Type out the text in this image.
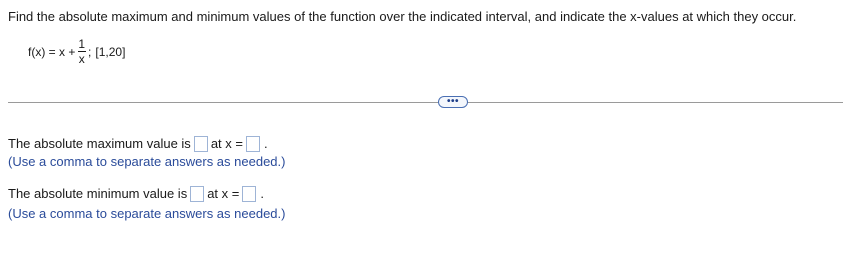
Find the absolute maximum and minimum values of the function over the indicated interval, and indicate the x-values at which they occur.
$f(x) = x + \frac{1}{x}$ ; [1,20]
•••
The absolute maximum value is at x = .
(Use a comma to separate answers as needed.)
The absolute minimum value is at x = .
(Use a comma to separate answers as needed.)
